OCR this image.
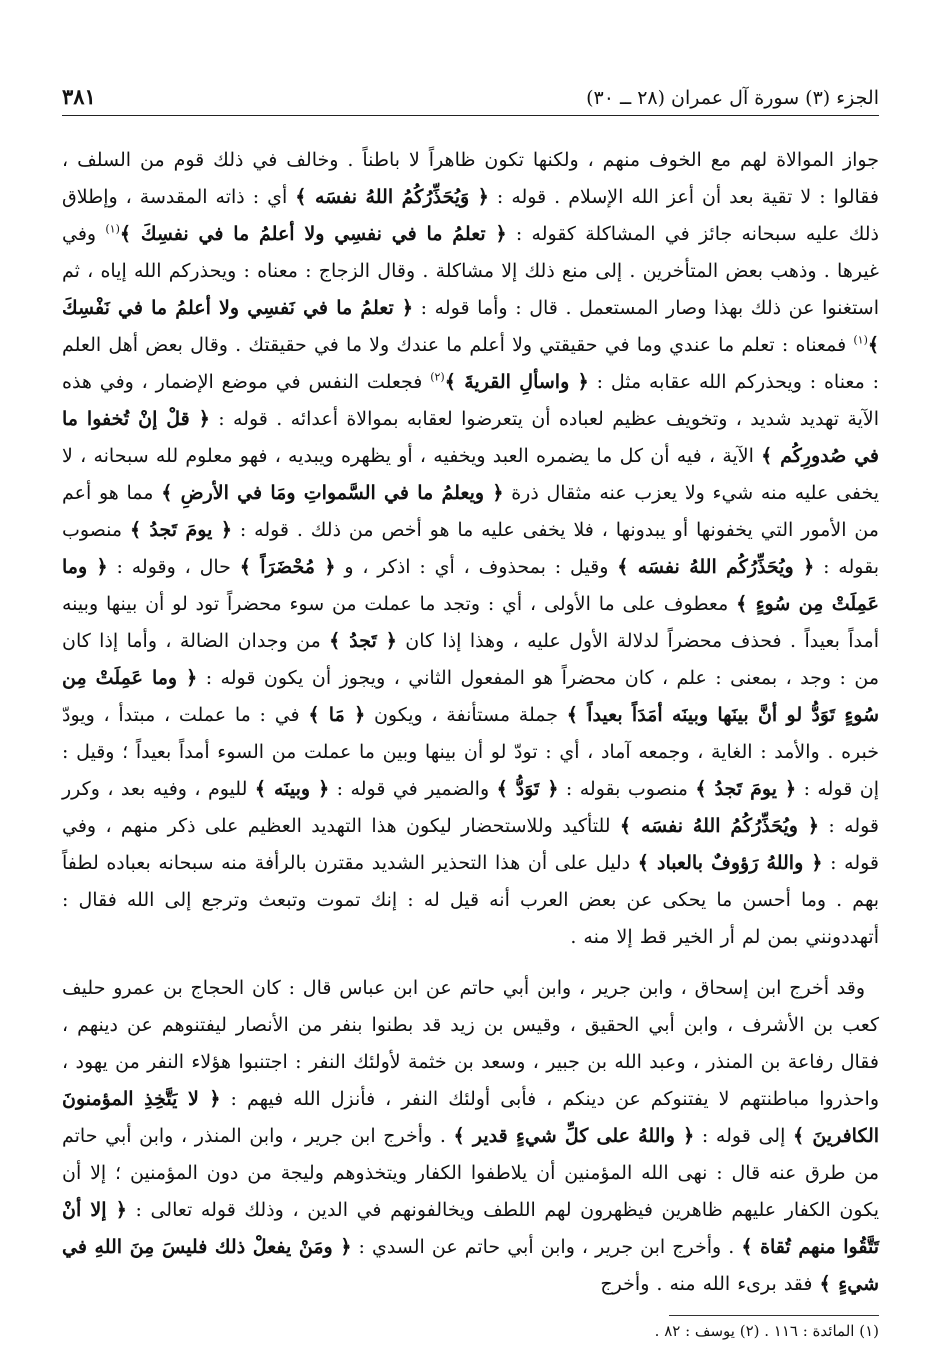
الجزء (٣) سورة آل عمران (٢٨ ــ ٣٠)
٣٨١

جواز الموالاة لهم مع الخوف منهم ، ولكنها تكون ظاهراً لا باطناً . وخالف في ذلك قوم من السلف ، فقالوا : لا تقية بعد أن أعز الله الإسلام . قوله : ﴿ وَيُحَذِّرُكُمُ اللهُ نفسَه ﴾ أي : ذاته المقدسة ، وإطلاق ذلك عليه سبحانه جائز في المشاكلة كقوله : ﴿ تعلمُ ما في نفسِي ولا أعلمُ ما في نفسِكَ ﴾$^{(١)}$ وفي غيرها . وذهب بعض المتأخرين . إلى منع ذلك إلا مشاكلة . وقال الزجاج : معناه : ويحذركم الله إياه ، ثم استغنوا عن ذلك بهذا وصار المستعمل . قال : وأما قوله : ﴿ تعلمُ ما في نَفسِي ولا أعلمُ ما في نَفْسِكَ ﴾$^{(١)}$ فمعناه : تعلم ما عندي وما في حقيقتي ولا أعلم ما عندك ولا ما في حقيقتك . وقال بعض أهل العلم : معناه : ويحذركم الله عقابه مثل : ﴿ واسألِ القريةَ ﴾$^{(٢)}$ فجعلت النفس في موضع الإضمار ، وفي هذه الآية تهديد شديد ، وتخويف عظيم لعباده أن يتعرضوا لعقابه بموالاة أعدائه . قوله : ﴿ قلْ إنْ تُخفوا ما في صُدورِكُم ﴾ الآية ، فيه أن كل ما يضمره العبد ويخفيه ، أو يظهره ويبديه ، فهو معلوم لله سبحانه ، لا يخفى عليه منه شيء ولا يعزب عنه مثقال ذرة ﴿ ويعلمُ ما في السَّمواتِ ومَا في الأرضِ ﴾ مما هو أعم من الأمور التي يخفونها أو يبدونها ، فلا يخفى عليه ما هو أخص من ذلك . قوله : ﴿ يومَ تَجدُ ﴾ منصوب بقوله : ﴿ ويُحَذِّرُكُم اللهُ نفسَه ﴾ وقيل : بمحذوف ، أي : اذكر ، و ﴿ مُحْضَرَاً ﴾ حال ، وقوله : ﴿ وما عَمِلَتْ مِن سُوءٍ ﴾ معطوف على ما الأولى ، أي : وتجد ما عملت من سوء محضراً تود لو أن بينها وبينه أمداً بعيداً . فحذف محضراً لدلالة الأول عليه ، وهذا إذا كان ﴿ تَجدُ ﴾ من وجدان الضالة ، وأما إذا كان من : وجد ، بمعنى : علم ، كان محضراً هو المفعول الثاني ، ويجوز أن يكون قوله : ﴿ وما عَمِلَتْ مِن سُوءٍ تَوَدُّ لو أنَّ بينَها وبينَه أمَدَاً بعيداً ﴾ جملة مستأنفة ، ويكون ﴿ مَا ﴾ في : ما عملت ، مبتدأ ، ويودّ خبره . والأمد : الغاية ، وجمعه آماد ، أي : تودّ لو أن بينها وبين ما عملت من السوء أمداً بعيداً ؛ وقيل : إن قوله : ﴿ يومَ تَجدُ ﴾ منصوب بقوله : ﴿ تَوَدُّ ﴾ والضمير في قوله : ﴿ وبينَه ﴾ لليوم ، وفيه بعد ، وكرر قوله : ﴿ ويُحَذِّرُكُمُ اللهُ نفسَه ﴾ للتأكيد وللاستحضار ليكون هذا التهديد العظيم على ذكر منهم ، وفي قوله : ﴿ واللهُ رَؤوفٌ بالعباد ﴾ دليل على أن هذا التحذير الشديد مقترن بالرأفة منه سبحانه بعباده لطفاً بهم . وما أحسن ما يحكى عن بعض العرب أنه قيل له : إنك تموت وتبعث وترجع إلى الله فقال : أتهددونني بمن لم أر الخير قط إلا منه .

وقد أخرج ابن إسحاق ، وابن جرير ، وابن أبي حاتم عن ابن عباس قال : كان الحجاج بن عمرو حليف كعب بن الأشرف ، وابن أبي الحقيق ، وقيس بن زيد قد بطنوا بنفر من الأنصار ليفتنوهم عن دينهم ، فقال رفاعة بن المنذر ، وعبد الله بن جبير ، وسعد بن خثمة لأولئك النفر : اجتنبوا هؤلاء النفر من يهود ، واحذروا مباطنتهم لا يفتنوكم عن دينكم ، فأبى أولئك النفر ، فأنزل الله فيهم : ﴿ لا يَتَّخِذِ المؤمنونَ الكافرينَ ﴾ إلى قوله : ﴿ واللهُ على كلِّ شيءٍ قدير ﴾ . وأخرج ابن جرير ، وابن المنذر ، وابن أبي حاتم من طرق عنه قال : نهى الله المؤمنين أن يلاطفوا الكفار ويتخذوهم وليجة من دون المؤمنين ؛ إلا أن يكون الكفار عليهم ظاهرين فيظهرون لهم اللطف ويخالفونهم في الدين ، وذلك قوله تعالى : ﴿ إلا أنْ تَتَّقُوا منهم تُقاة ﴾ . وأخرج ابن جرير ، وابن أبي حاتم عن السدي : ﴿ ومَنْ يفعلْ ذلك فليسَ مِنَ اللهِ في شيءٍ ﴾ فقد برىء الله منه . وأخرج

(١) المائدة : ١١٦ . (٢) يوسف : ٨٢ .
